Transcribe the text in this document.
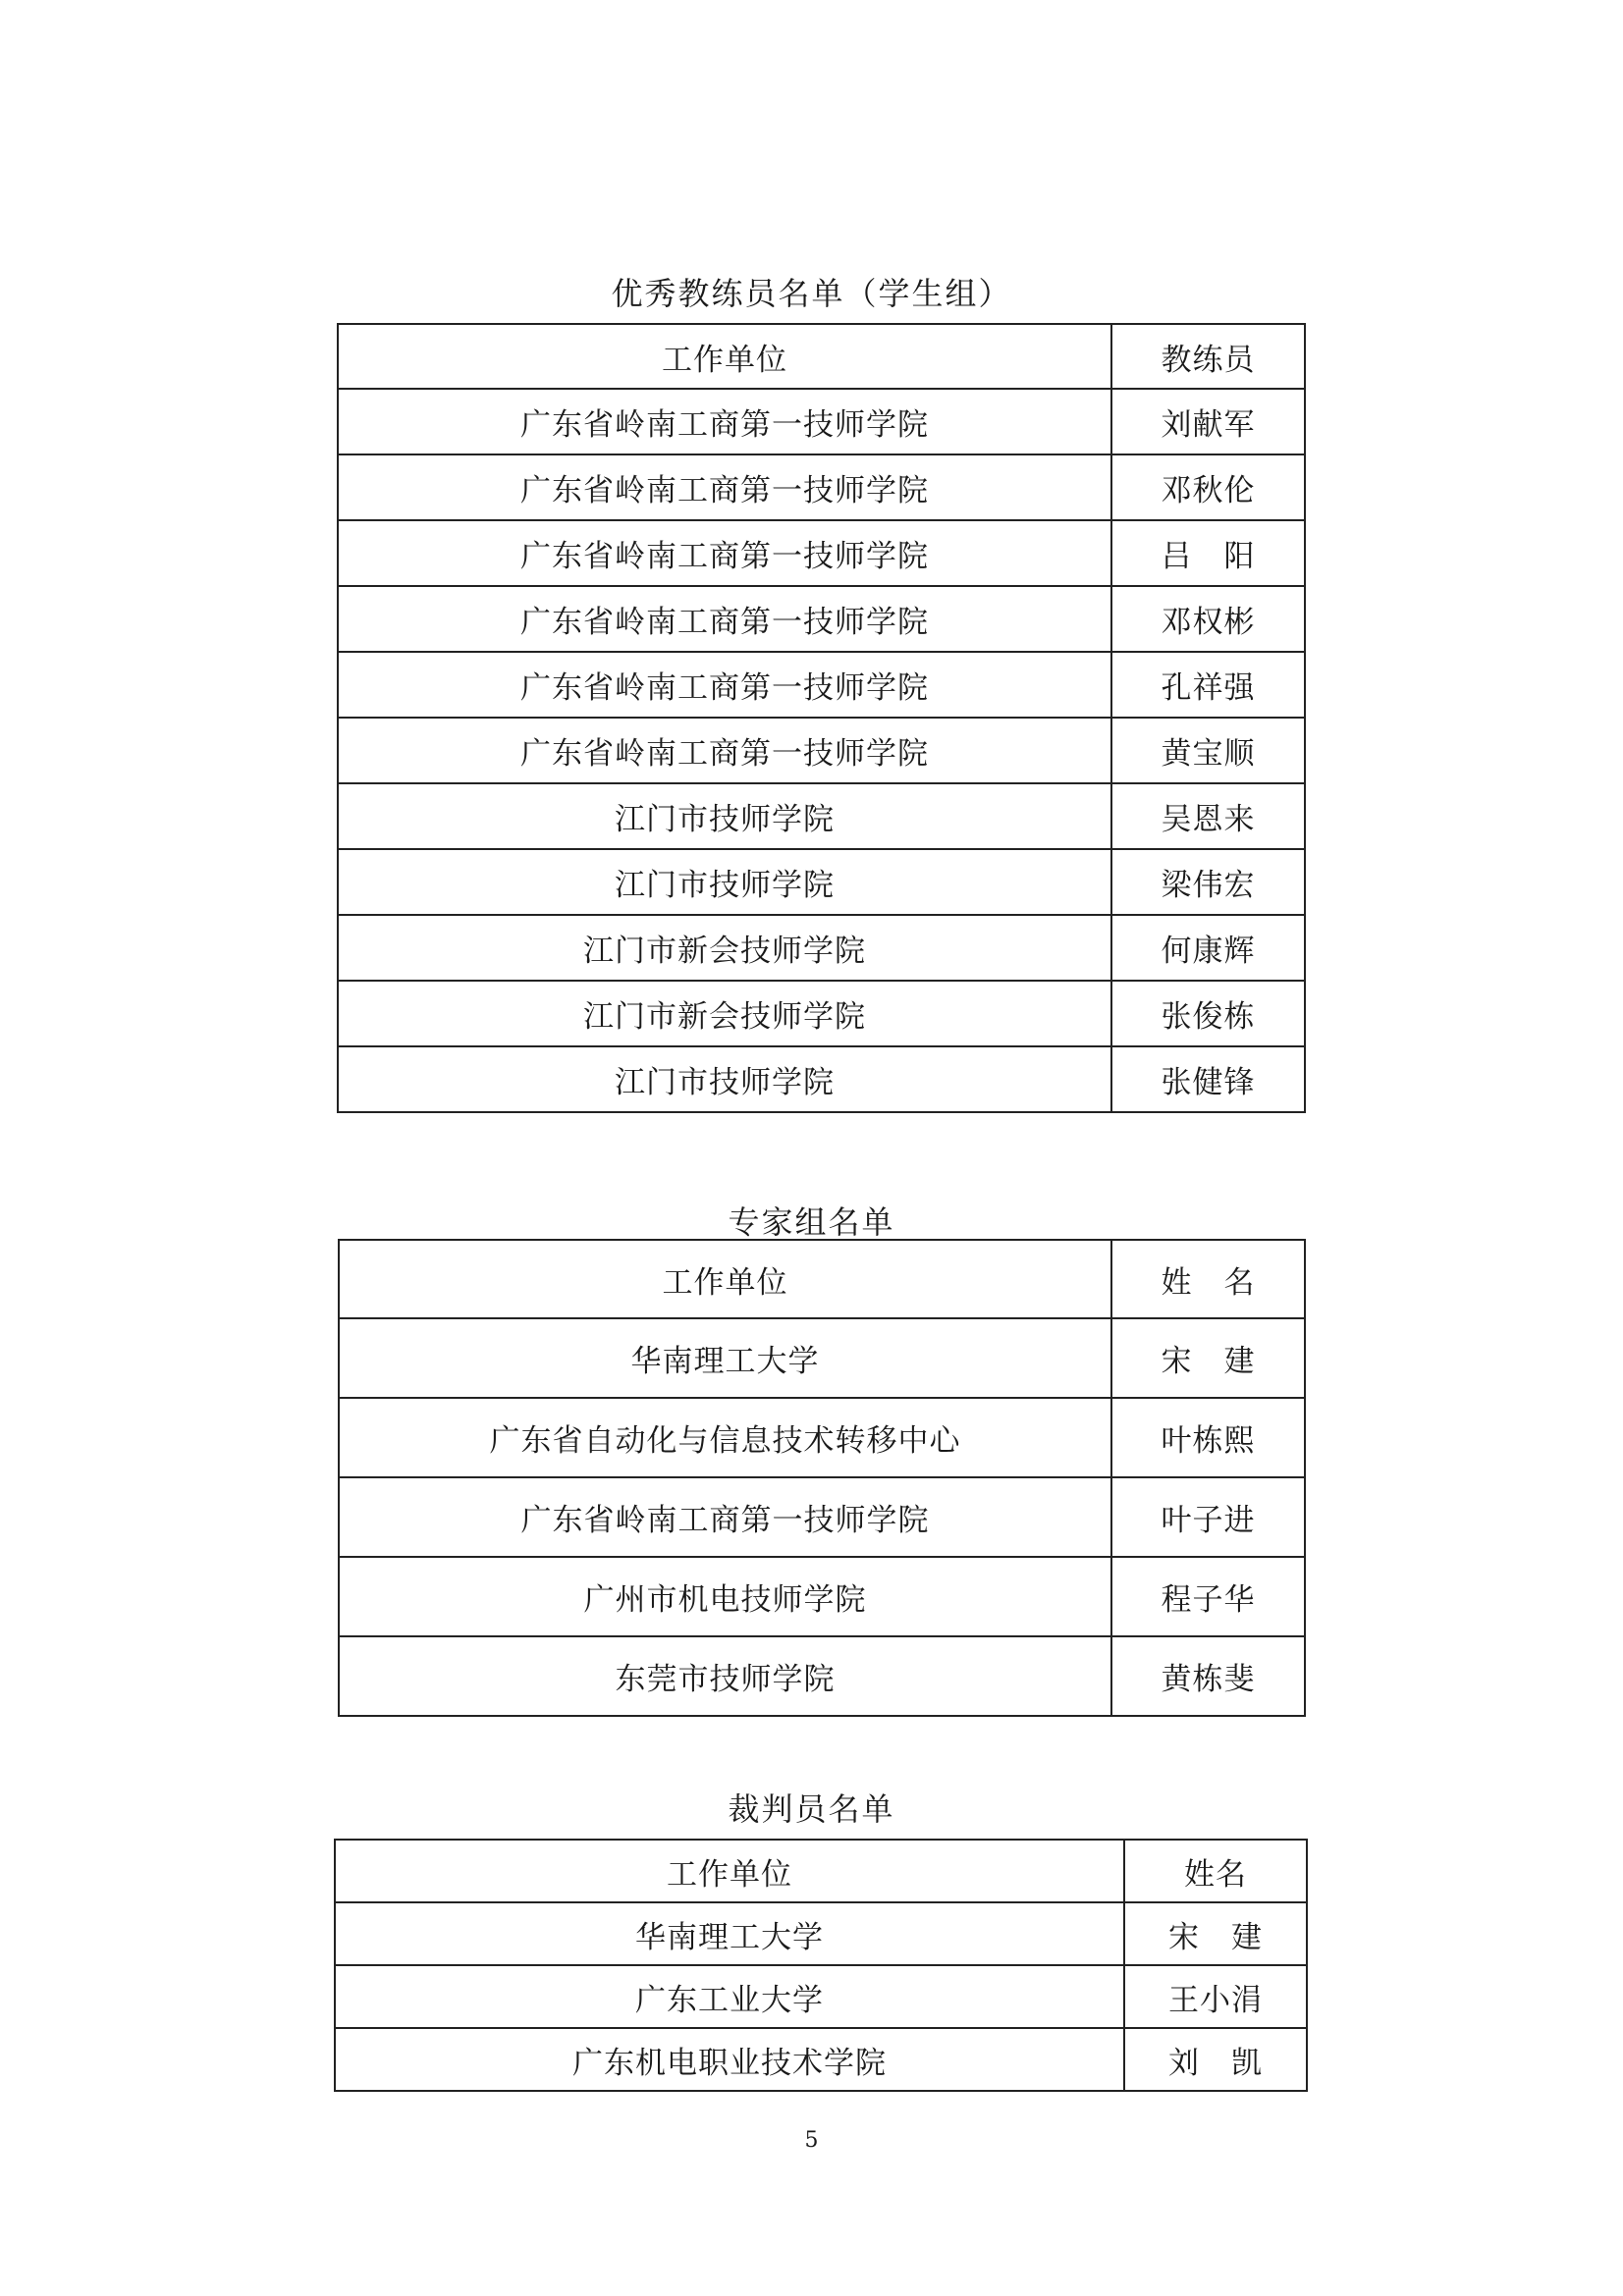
优秀教练员名单（学生组）
工作单位	教练员
广东省岭南工商第一技师学院	刘献军
广东省岭南工商第一技师学院	邓秋伦
广东省岭南工商第一技师学院	吕　阳
广东省岭南工商第一技师学院	邓权彬
广东省岭南工商第一技师学院	孔祥强
广东省岭南工商第一技师学院	黄宝顺
江门市技师学院	吴恩来
江门市技师学院	梁伟宏
江门市新会技师学院	何康辉
江门市新会技师学院	张俊栋
江门市技师学院	张健锋
专家组名单
工作单位	姓　名
华南理工大学	宋　建
广东省自动化与信息技术转移中心	叶栋熙
广东省岭南工商第一技师学院	叶子进
广州市机电技师学院	程子华
东莞市技师学院	黄栋斐
裁判员名单
工作单位	姓名
华南理工大学	宋　建
广东工业大学	王小涓
广东机电职业技术学院	刘　凯
5
